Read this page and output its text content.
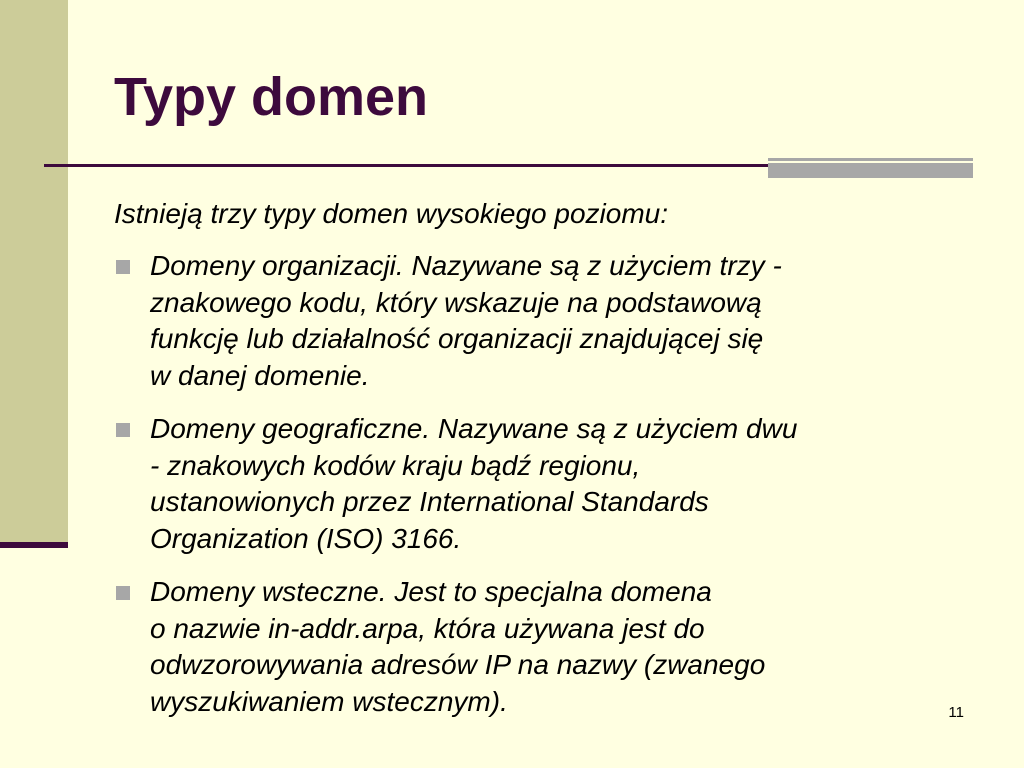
Typy domen

Istnieją trzy typy domen wysokiego poziomu:

Domeny organizacji. Nazywane są z użyciem trzy -
znakowego kodu, który wskazuje na podstawową
funkcję lub działalność organizacji znajdującej się
w danej domenie.
Domeny geograficzne. Nazywane są z użyciem dwu
- znakowych kodów kraju bądź regionu,
ustanowionych przez International Standards
Organization (ISO) 3166.
Domeny wsteczne. Jest to specjalna domena
o nazwie in-addr.arpa, która używana jest do
odwzorowywania adresów IP na nazwy (zwanego
wyszukiwaniem wstecznym).	11
